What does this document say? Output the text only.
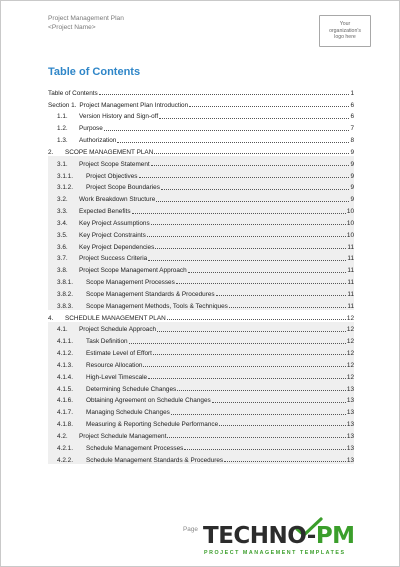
Project Management Plan
<Project Name>
Your
organization's
logo here
Table of Contents
Table of Contents	1
Section 1. Project Management Plan Introduction	6
1.1.	Version History and Sign-off	6
1.2.	Purpose	7
1.3.	Authorization	8
2.	SCOPE MANAGEMENT PLAN	9
3.1.	Project Scope Statement	9
3.1.1.	Project Objectives	9
3.1.2.	Project Scope Boundaries	9
3.2.	Work Breakdown Structure	9
3.3.	Expected Benefits	10
3.4.	Key Project Assumptions	10
3.5.	Key Project Constraints	10
3.6.	Key Project Dependencies	11
3.7.	Project Success Criteria	11
3.8.	Project Scope Management Approach	11
3.8.1.	Scope Management Processes	11
3.8.2.	Scope Management Standards & Procedures	11
3.8.3.	Scope Management Methods, Tools & Techniques	11
4.	SCHEDULE MANAGEMENT PLAN	12
4.1.	Project Schedule Approach	12
4.1.1.	Task Definition	12
4.1.2.	Estimate Level of Effort	12
4.1.3.	Resource Allocation	12
4.1.4.	High-Level Timescale	12
4.1.5.	Determining Schedule Changes	13
4.1.6.	Obtaining Agreement on Schedule Changes	13
4.1.7.	Managing Schedule Changes	13
4.1.8.	Measuring & Reporting Schedule Performance	13
4.2.	Project Schedule Management	13
4.2.1.	Schedule Management Processes	13
4.2.2.	Schedule Management Standards & Procedures	13
Page TECHNO-PM
PROJECT MANAGEMENT TEMPLATES
